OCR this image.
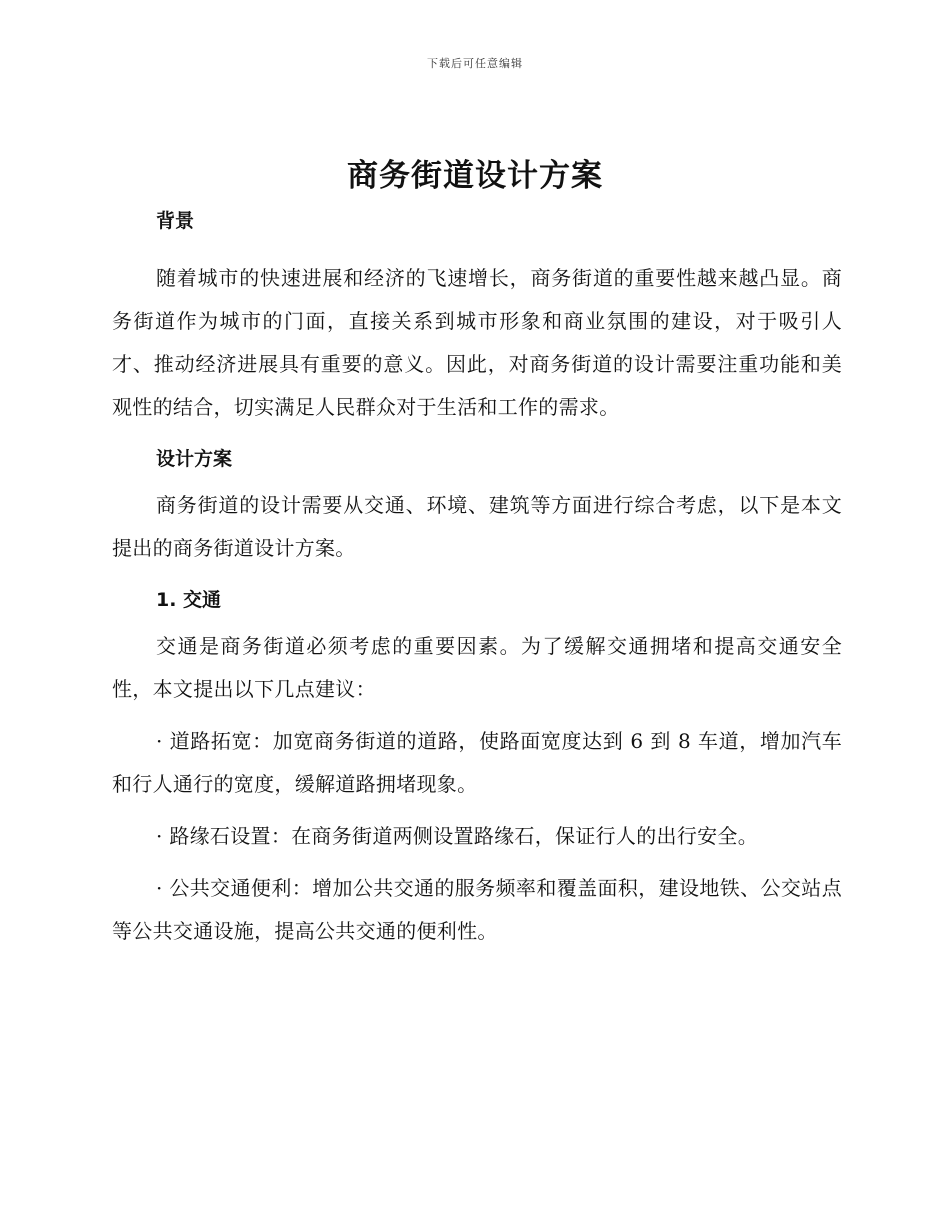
下载后可任意编辑
商务街道设计方案
背景

随着城市的快速进展和经济的飞速增长，商务街道的重要性越来越凸显。商务街道作为城市的门面，直接关系到城市形象和商业氛围的建设，对于吸引人才、推动经济进展具有重要的意义。因此，对商务街道的设计需要注重功能和美观性的结合，切实满足人民群众对于生活和工作的需求。

设计方案

商务街道的设计需要从交通、环境、建筑等方面进行综合考虑，以下是本文提出的商务街道设计方案。

1. 交通

交通是商务街道必须考虑的重要因素。为了缓解交通拥堵和提高交通安全性，本文提出以下几点建议：

· 道路拓宽：加宽商务街道的道路，使路面宽度达到 6 到 8 车道，增加汽车和行人通行的宽度，缓解道路拥堵现象。

· 路缘石设置：在商务街道两侧设置路缘石，保证行人的出行安全。

· 公共交通便利：增加公共交通的服务频率和覆盖面积，建设地铁、公交站点等公共交通设施，提高公共交通的便利性。
